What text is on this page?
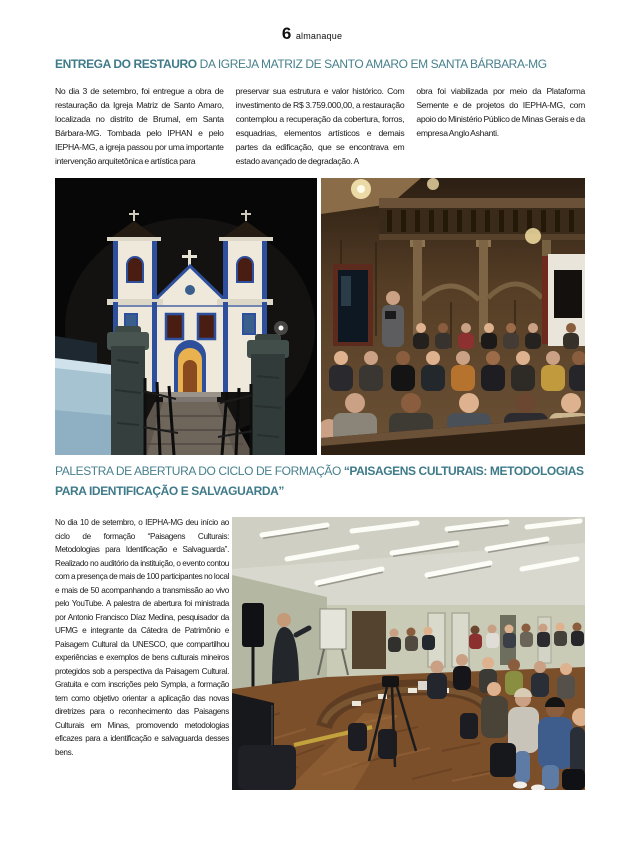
6 almanaque
ENTREGA DO RESTAURO DA IGREJA MATRIZ DE SANTO AMARO EM SANTA BÁRBARA-MG

No dia 3 de setembro, foi entregue a obra de restauração da Igreja Matriz de Santo Amaro, localizada no distrito de Brumal, em Santa Bárbara-MG. Tombada pelo IPHAN e pelo IEPHA-MG, a igreja passou por uma importante intervenção arquitetônica e artística para

preservar sua estrutura e valor histórico. Com investimento de R$ 3.759.000,00, a restauração contemplou a recuperação da cobertura, forros, esquadrias, elementos artísticos e demais partes da edificação, que se encontrava em estado avançado de degradação. A

obra foi viabilizada por meio da Plataforma Semente e de projetos do IEPHA-MG, com apoio do Ministério Público de Minas Gerais e da empresa Anglo Ashanti.

PALESTRA DE ABERTURA DO CICLO DE FORMAÇÃO “PAISAGENS CULTURAIS: METODOLOGIAS PARA IDENTIFICAÇÃO E SALVAGUARDA”

No dia 10 de setembro, o IEPHA-MG deu início ao ciclo de formação “Paisagens Culturais: Metodologias para Identificação e Salvaguarda”. Realizado no auditório da instituição, o evento contou com a presença de mais de 100 participantes no local e mais de 50 acompanhando a transmissão ao vivo pelo YouTube. A palestra de abertura foi ministrada por Antonio Francisco Díaz Medina, pesquisador da UFMG e integrante da Cátedra de Patrimônio e Paisagem Cultural da UNESCO, que compartilhou experiências e exemplos de bens culturais mineiros protegidos sob a perspectiva da Paisagem Cultural. Gratuita e com inscrições pelo Sympla, a formação tem como objetivo orientar a aplicação das novas diretrizes para o reconhecimento das Paisagens Culturais em Minas, promovendo metodologias eficazes para a identificação e salvaguarda desses bens.
